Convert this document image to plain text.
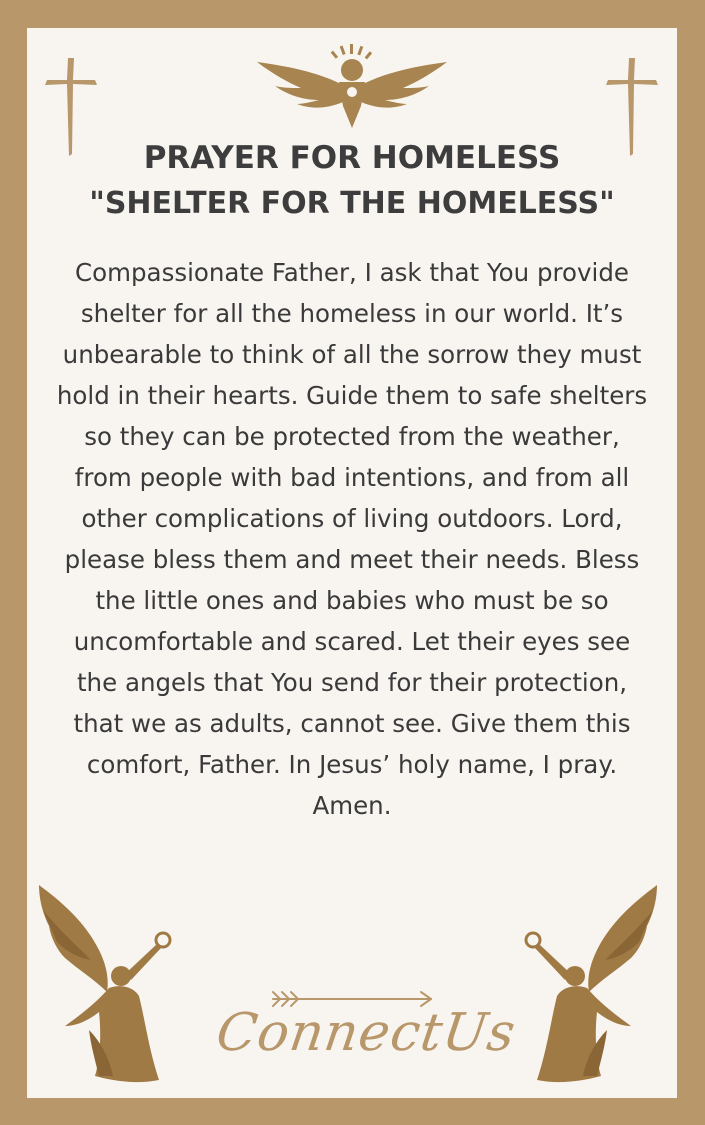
PRAYER FOR HOMELESS
"SHELTER FOR THE HOMELESS"

Compassionate Father, I ask that You provide shelter for all the homeless in our world. It’s unbearable to think of all the sorrow they must hold in their hearts. Guide them to safe shelters so they can be protected from the weather, from people with bad intentions, and from all other complications of living outdoors. Lord, please bless them and meet their needs. Bless the little ones and babies who must be so uncomfortable and scared. Let their eyes see the angels that You send for their protection, that we as adults, cannot see. Give them this comfort, Father. In Jesus’ holy name, I pray. Amen.

ConnectUs
